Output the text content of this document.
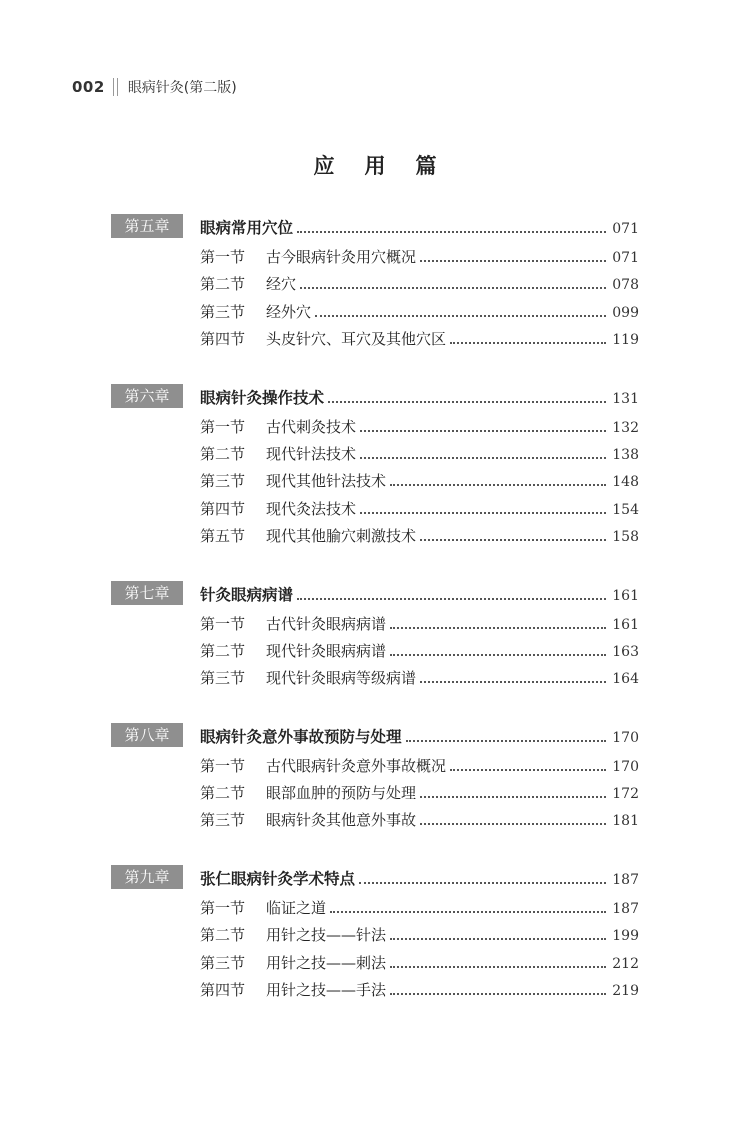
002 眼病针灸(第二版)
应用篇
第五章	眼病常用穴位	071
第一节	古今眼病针灸用穴概况	071
第二节	经穴	078
第三节	经外穴	099
第四节	头皮针穴、耳穴及其他穴区	119
第六章	眼病针灸操作技术	131
第一节	古代刺灸技术	132
第二节	现代针法技术	138
第三节	现代其他针法技术	148
第四节	现代灸法技术	154
第五节	现代其他腧穴刺激技术	158
第七章	针灸眼病病谱	161
第一节	古代针灸眼病病谱	161
第二节	现代针灸眼病病谱	163
第三节	现代针灸眼病等级病谱	164
第八章	眼病针灸意外事故预防与处理	170
第一节	古代眼病针灸意外事故概况	170
第二节	眼部血肿的预防与处理	172
第三节	眼病针灸其他意外事故	181
第九章	张仁眼病针灸学术特点	187
第一节	临证之道	187
第二节	用针之技——针法	199
第三节	用针之技——刺法	212
第四节	用针之技——手法	219
